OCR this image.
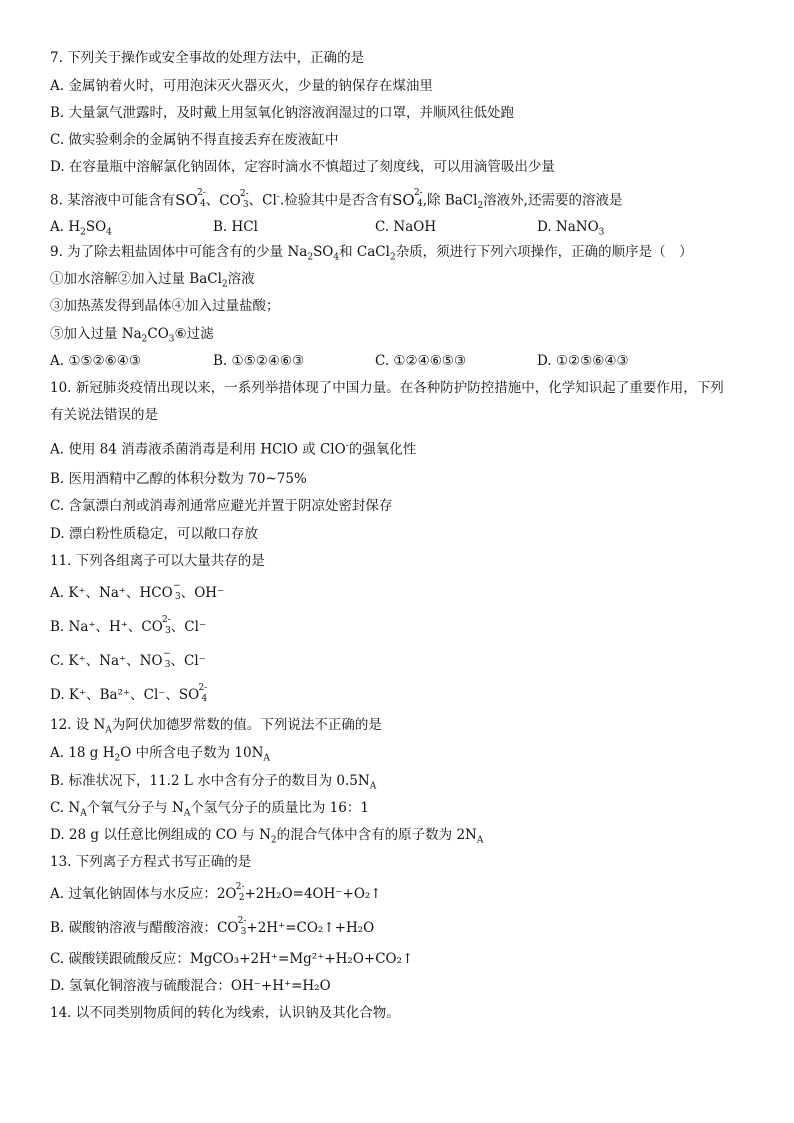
7. 下列关于操作或安全事故的处理方法中，正确的是
A. 金属钠着火时，可用泡沫灭火器灭火，少量的钠保存在煤油里
B. 大量氯气泄露时，及时戴上用氢氧化钠溶液润湿过的口罩，并顺风往低处跑
C. 做实验剩余的金属钠不得直接丢弃在废液缸中
D. 在容量瓶中溶解氯化钠固体，定容时滴水不慎超过了刻度线，可以用滴管吸出少量
8. 某溶液中可能含有SO 2-
4 、CO 2-
3 、Cl-.检验其中是否含有SO 2-
4 ,除 BaCl$_2$溶液外,还需要的溶液是
A. $H_2SO_4$	B. HCl	C. NaOH	D. NaNO$_3$
9. 为了除去粗盐固体中可能含有的少量 $Na_2SO_4$和 CaCl$_2$杂质，须进行下列六项操作，正确的顺序是（　）
①加水溶解②加入过量 BaCl$_2$溶液
③加热蒸发得到晶体④加入过量盐酸；
⑤加入过量 $Na_2CO_3⑥$过滤
A. ①⑤②⑥④③	B. ①⑤②④⑥③	C. ①②④⑥⑤③	D. ①②⑤⑥④③
10. 新冠肺炎疫情出现以来，一系列举措体现了中国力量。在各种防护防控措施中，化学知识起了重要作用，下列
有关说法错误的是
A. 使用 84 消毒液杀菌消毒是利用 HClO 或 ClO-的强氧化性
B. 医用酒精中乙醇的体积分数为 70~75%
C. 含氯漂白剂或消毒剂通常应避光并置于阴凉处密封保存
D. 漂白粉性质稳定，可以敞口存放
11. 下列各组离子可以大量共存的是
A. K⁺、Na⁺、HCO −
3 、OH⁻
B. Na⁺、H⁺、CO 2-
3 、Cl⁻
C. K⁺、Na⁺、NO −
3 、Cl⁻
D. K⁺、Ba²⁺、Cl⁻、SO 2-
4
12. 设 $N_A$为阿伏加德罗常数的值。下列说法不正确的是
A. 18 g $H_2O$ 中所含电子数为 $10N_A$
B. 标准状况下，11.2 L 水中含有分子的数目为 $0.5N_A$
C. $N_A$个氧气分子与 $N_A$个氢气分子的质量比为 16：1
D. 28 g 以任意比例组成的 CO 与 $N_2$的混合气体中含有的原子数为 $2N_A$
13. 下列离子方程式书写正确的是
A. 过氧化钠固体与水反应：2O 2-
2 +2H₂O=4OH⁻+O₂↑
B. 碳酸钠溶液与醋酸溶液：CO 2-
3 +2H⁺=CO₂↑+H₂O
C. 碳酸镁跟硫酸反应：MgCO₃+2H⁺=Mg²⁺+H₂O+CO₂↑
D. 氢氧化铜溶液与硫酸混合：OH⁻+H⁺=H₂O
14. 以不同类别物质间的转化为线索，认识钠及其化合物。
